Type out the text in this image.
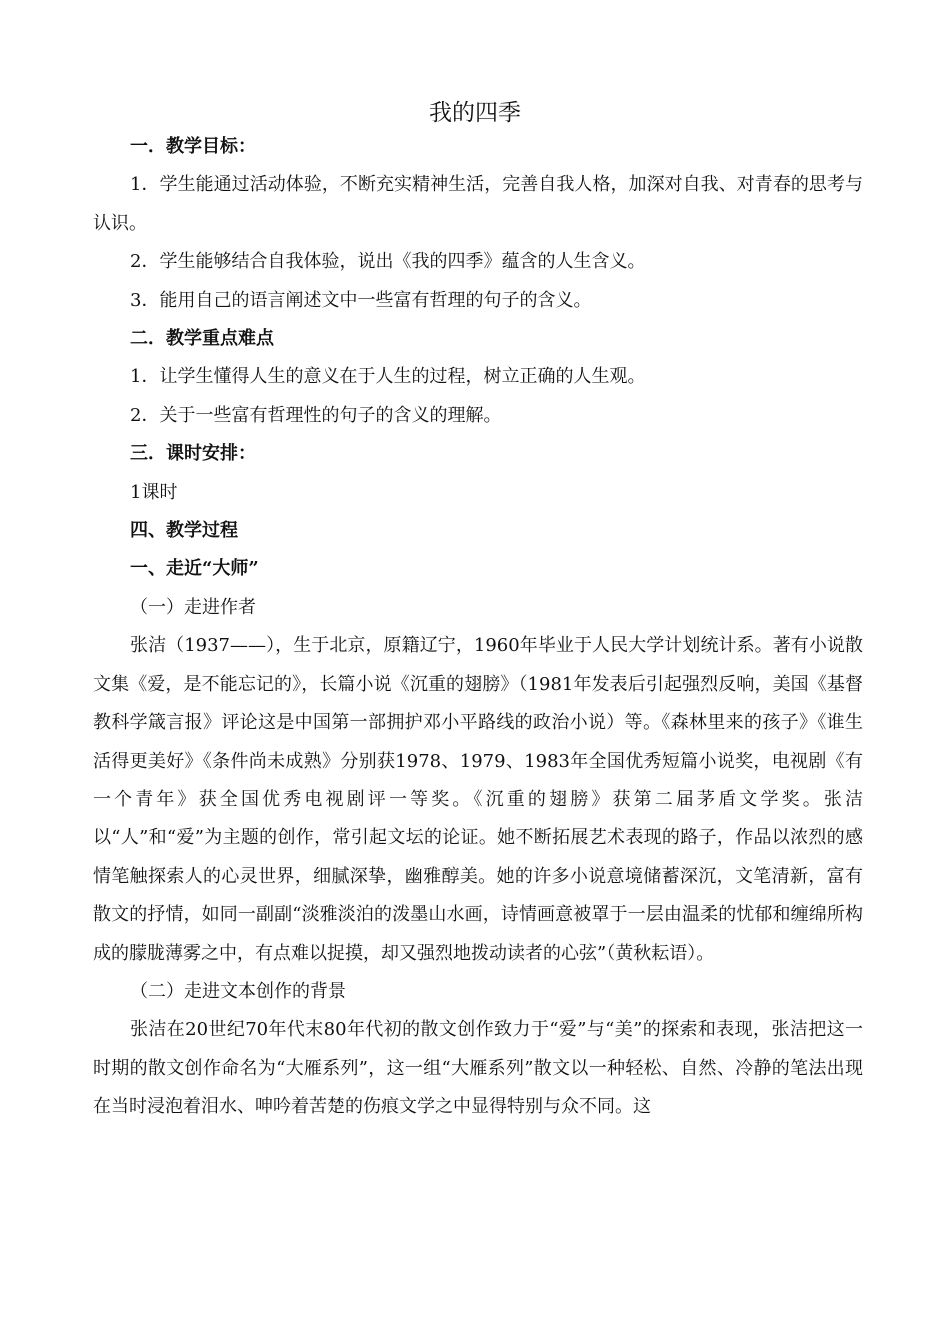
我的四季

一．教学目标：

1．学生能通过活动体验，不断充实精神生活，完善自我人格，加深对自我、对青春的思考与认识。

2．学生能够结合自我体验，说出《我的四季》蕴含的人生含义。

3．能用自己的语言阐述文中一些富有哲理的句子的含义。

二．教学重点难点

1．让学生懂得人生的意义在于人生的过程，树立正确的人生观。

2．关于一些富有哲理性的句子的含义的理解。

三．课时安排：

1课时

四、教学过程

一、走近“大师”

（一）走进作者

张洁（1937——），生于北京，原籍辽宁，1960年毕业于人民大学计划统计系。著有小说散文集《爱，是不能忘记的》，长篇小说《沉重的翅膀》（1981年发表后引起强烈反响，美国《基督教科学箴言报》评论这是中国第一部拥护邓小平路线的政治小说）等。《森林里来的孩子》《谁生活得更美好》《条件尚未成熟》分别获1978、1979、1983年全国优秀短篇小说奖，电视剧《有一个青年》获全国优秀电视剧评一等奖。《沉重的翅膀》获第二届茅盾文学奖。张洁以“人”和“爱”为主题的创作，常引起文坛的论证。她不断拓展艺术表现的路子，作品以浓烈的感情笔触探索人的心灵世界，细腻深挚，幽雅醇美。她的许多小说意境储蓄深沉，文笔清新，富有散文的抒情，如同一副副“淡雅淡泊的泼墨山水画，诗情画意被罩于一层由温柔的忧郁和缠绵所构成的朦胧薄雾之中，有点难以捉摸，却又强烈地拨动读者的心弦”（黄秋耘语）。

（二）走进文本创作的背景

张洁在20世纪70年代末80年代初的散文创作致力于“爱”与“美”的探索和表现，张洁把这一时期的散文创作命名为“大雁系列”，这一组“大雁系列”散文以一种轻松、自然、冷静的笔法出现在当时浸泡着泪水、呻吟着苦楚的伤痕文学之中显得特别与众不同。这
